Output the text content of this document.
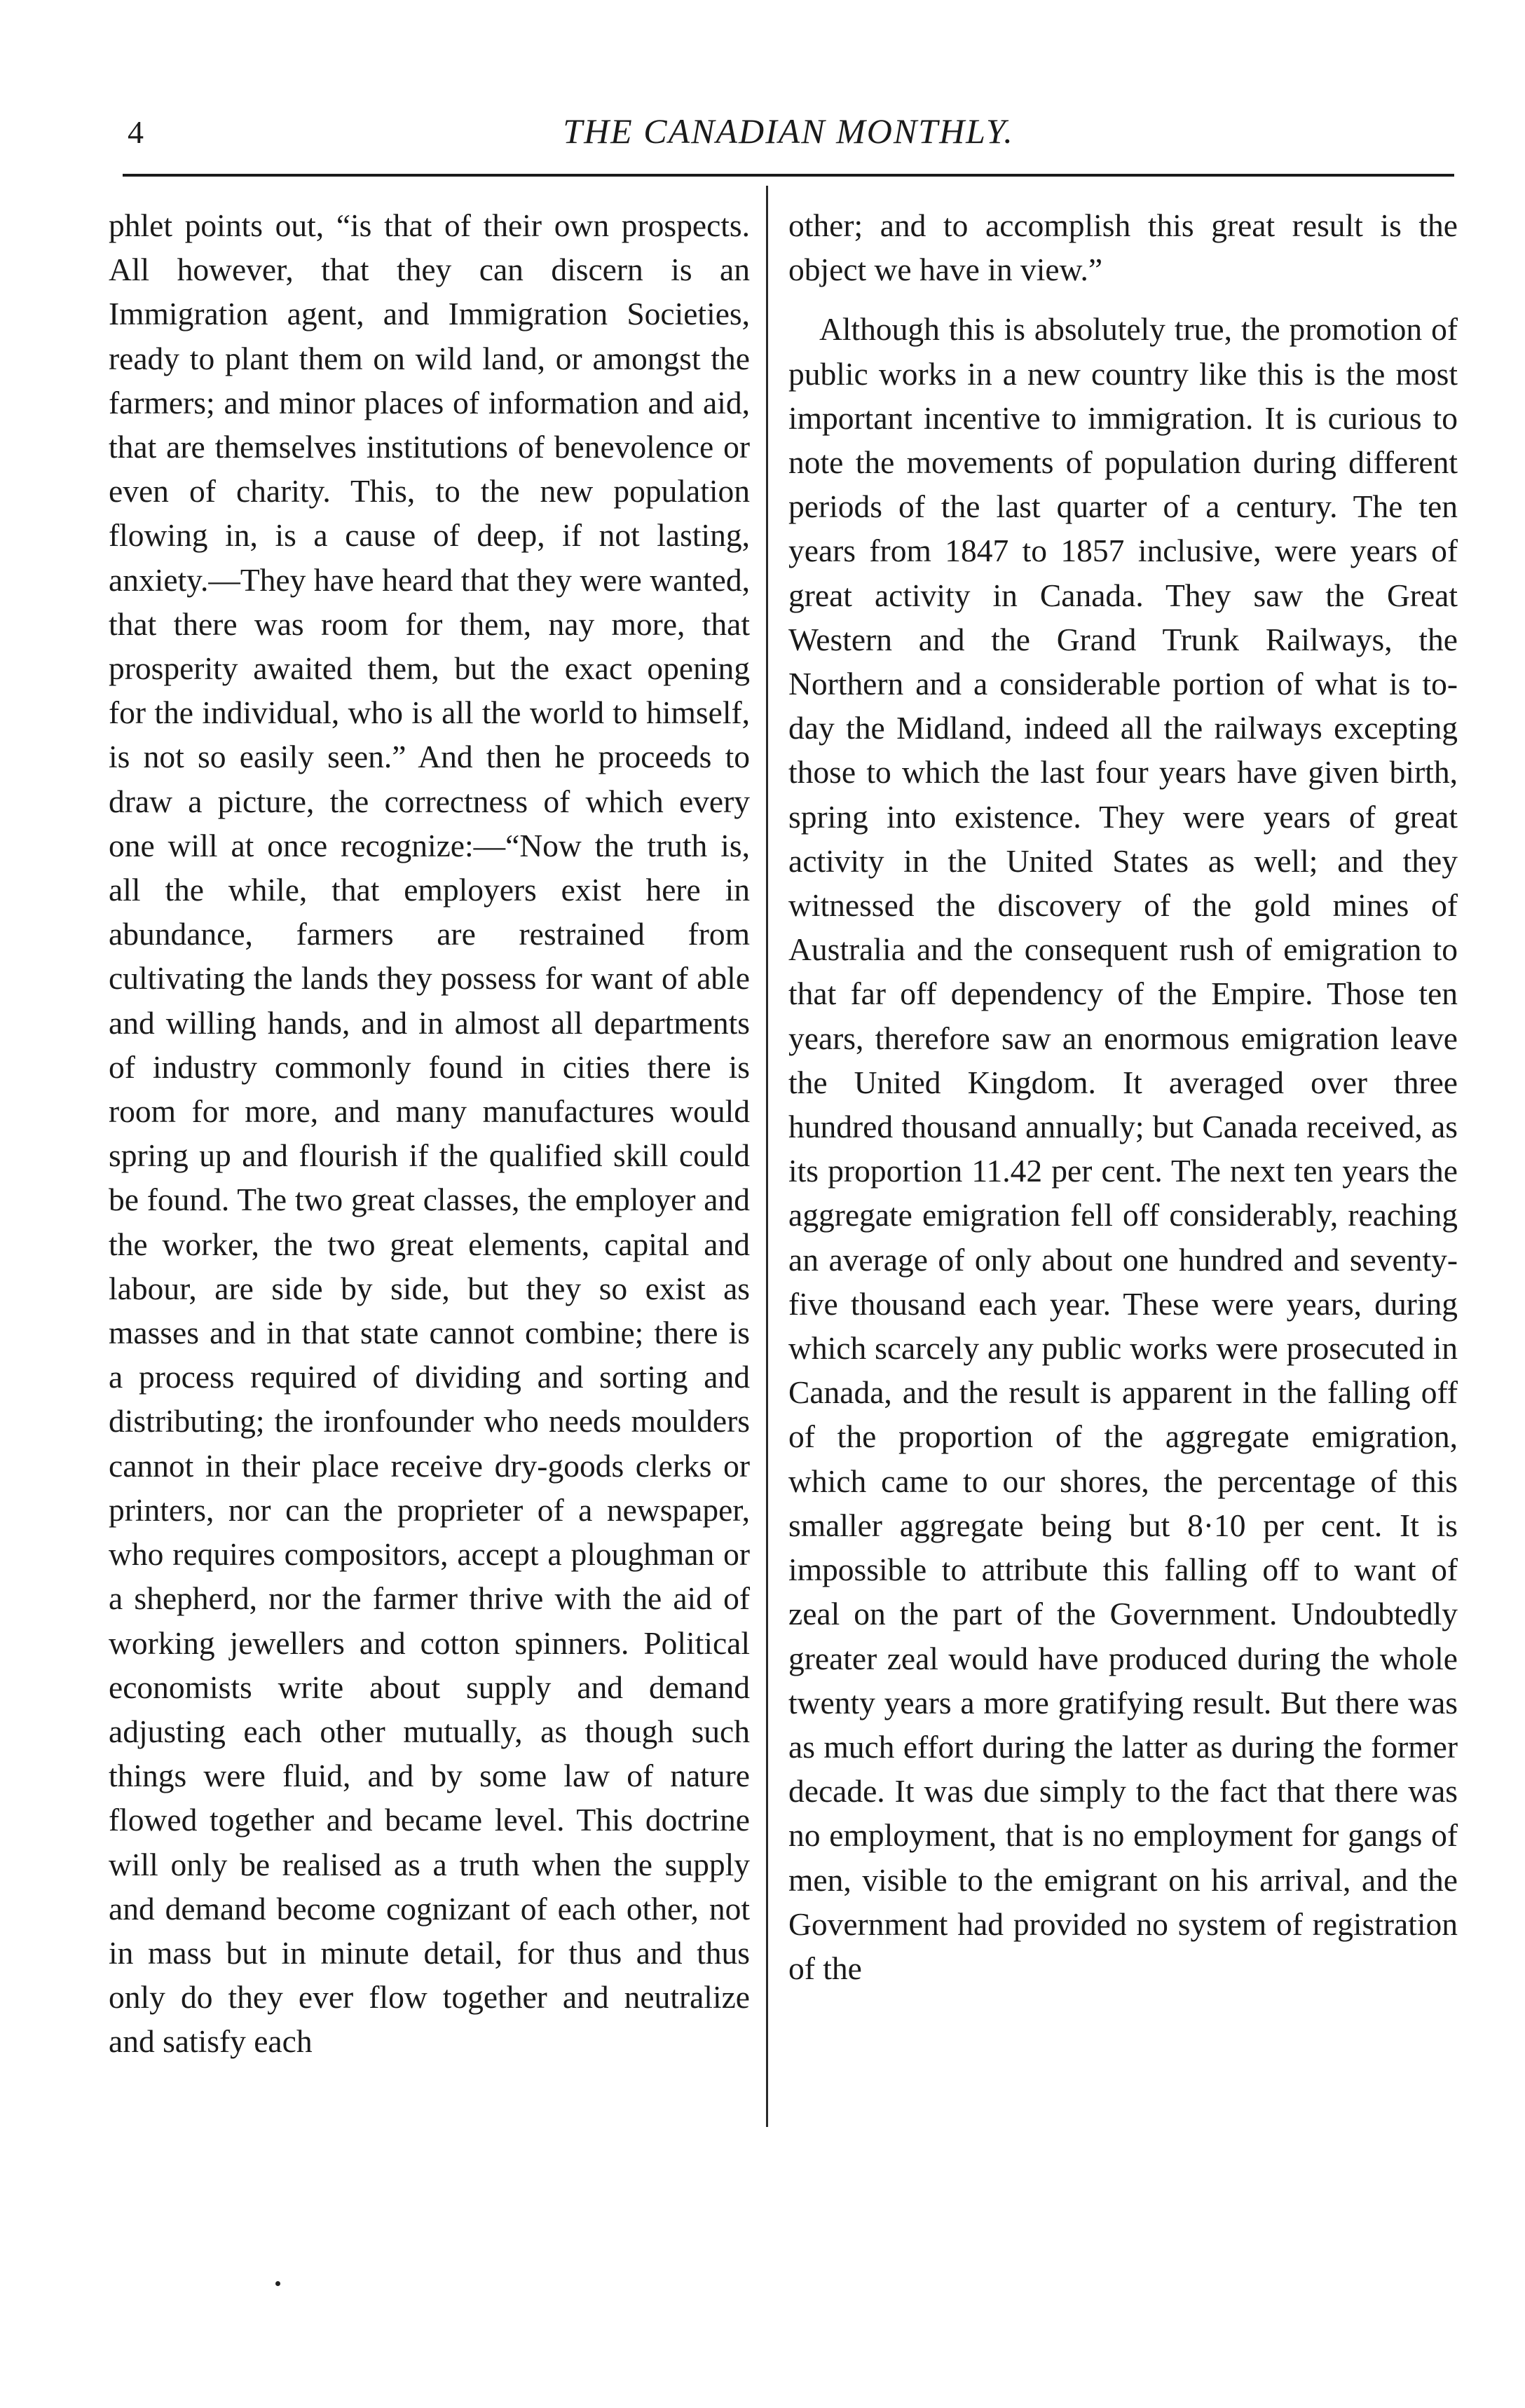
4	THE CANADIAN MONTHLY.

phlet points out, “is that of their own prospects. All however, that they can discern is an Immigration agent, and Immigration Societies, ready to plant them on wild land, or amongst the farmers; and minor places of information and aid, that are themselves institutions of benevolence or even of charity. This, to the new population flowing in, is a cause of deep, if not lasting, anxiety.—They have heard that they were wanted, that there was room for them, nay more, that prosperity awaited them, but the exact opening for the individual, who is all the world to himself, is not so easily seen.” And then he proceeds to draw a picture, the correctness of which every one will at once recognize:—“Now the truth is, all the while, that employers exist here in abundance, farmers are restrained from cultivating the lands they possess for want of able and willing hands, and in almost all departments of industry commonly found in cities there is room for more, and many manufactures would spring up and flourish if the qualified skill could be found. The two great classes, the employer and the worker, the two great elements, capital and labour, are side by side, but they so exist as masses and in that state cannot combine; there is a process required of dividing and sorting and distributing; the ironfounder who needs moulders cannot in their place receive dry-goods clerks or printers, nor can the proprieter of a newspaper, who requires compositors, accept a ploughman or a shepherd, nor the farmer thrive with the aid of working jewellers and cotton spinners. Political economists write about supply and demand adjusting each other mutually, as though such things were fluid, and by some law of nature flowed together and became level. This doctrine will only be realised as a truth when the supply and demand become cognizant of each other, not in mass but in minute detail, for thus and thus only do they ever flow together and neutralize and satisfy each

other; and to accomplish this great result is the object we have in view.”

Although this is absolutely true, the promotion of public works in a new country like this is the most important incentive to immigration. It is curious to note the movements of population during different periods of the last quarter of a century. The ten years from 1847 to 1857 inclusive, were years of great activity in Canada. They saw the Great Western and the Grand Trunk Railways, the Northern and a considerable portion of what is to-day the Midland, indeed all the railways excepting those to which the last four years have given birth, spring into existence. They were years of great activity in the United States as well; and they witnessed the discovery of the gold mines of Australia and the consequent rush of emigration to that far off dependency of the Empire. Those ten years, therefore saw an enormous emigration leave the United Kingdom. It averaged over three hundred thousand annually; but Canada received, as its proportion 11.42 per cent. The next ten years the aggregate emigration fell off considerably, reaching an average of only about one hundred and seventy-five thousand each year. These were years, during which scarcely any public works were prosecuted in Canada, and the result is apparent in the falling off of the proportion of the aggregate emigration, which came to our shores, the percentage of this smaller aggregate being but 8·10 per cent. It is impossible to attribute this falling off to want of zeal on the part of the Government. Undoubtedly greater zeal would have produced during the whole twenty years a more gratifying result. But there was as much effort during the latter as during the former decade. It was due simply to the fact that there was no employment, that is no employment for gangs of men, visible to the emigrant on his arrival, and the Government had provided no system of registration of the
